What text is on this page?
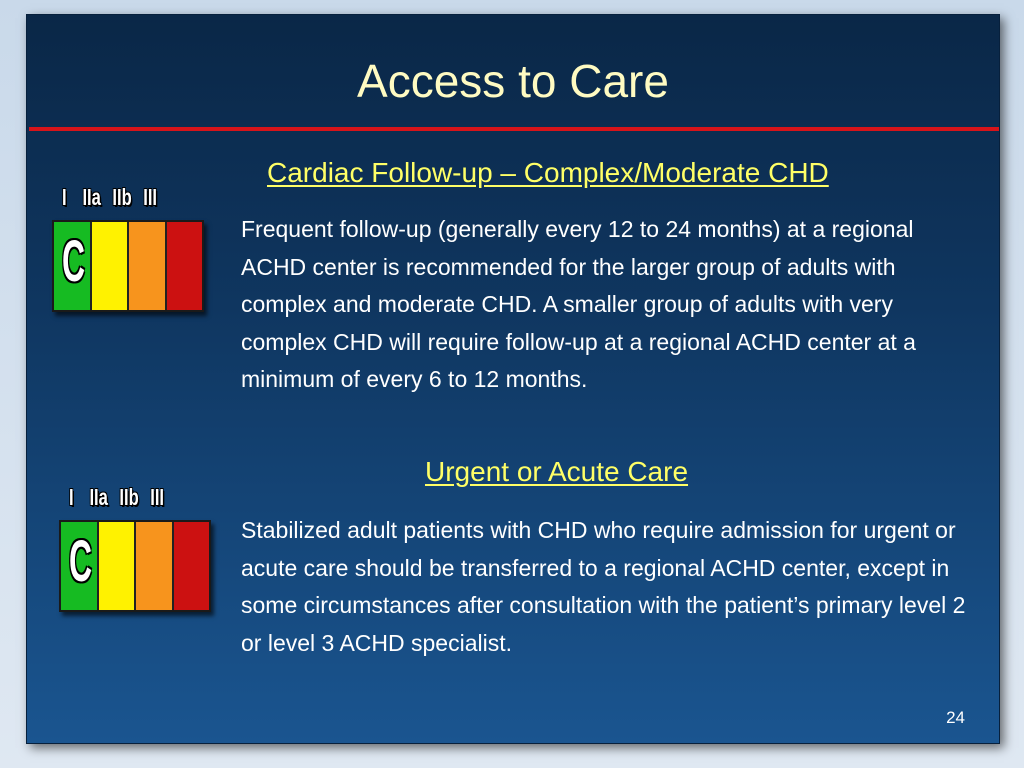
Access to Care
I IIa IIb III
C
Cardiac Follow-up – Complex/Moderate CHD
Frequent follow-up (generally every 12 to 24 months) at a regional ACHD center is recommended for the larger group of adults with complex and moderate CHD. A smaller group of adults with very complex CHD will require follow-up at a regional ACHD center at a minimum of every 6 to 12 months.
I IIa IIb III
C
Urgent or Acute Care
Stabilized adult patients with CHD who require admission for urgent or acute care should be transferred to a regional ACHD center, except in some circumstances after consultation with the patient’s primary level 2 or level 3 ACHD specialist.
24
